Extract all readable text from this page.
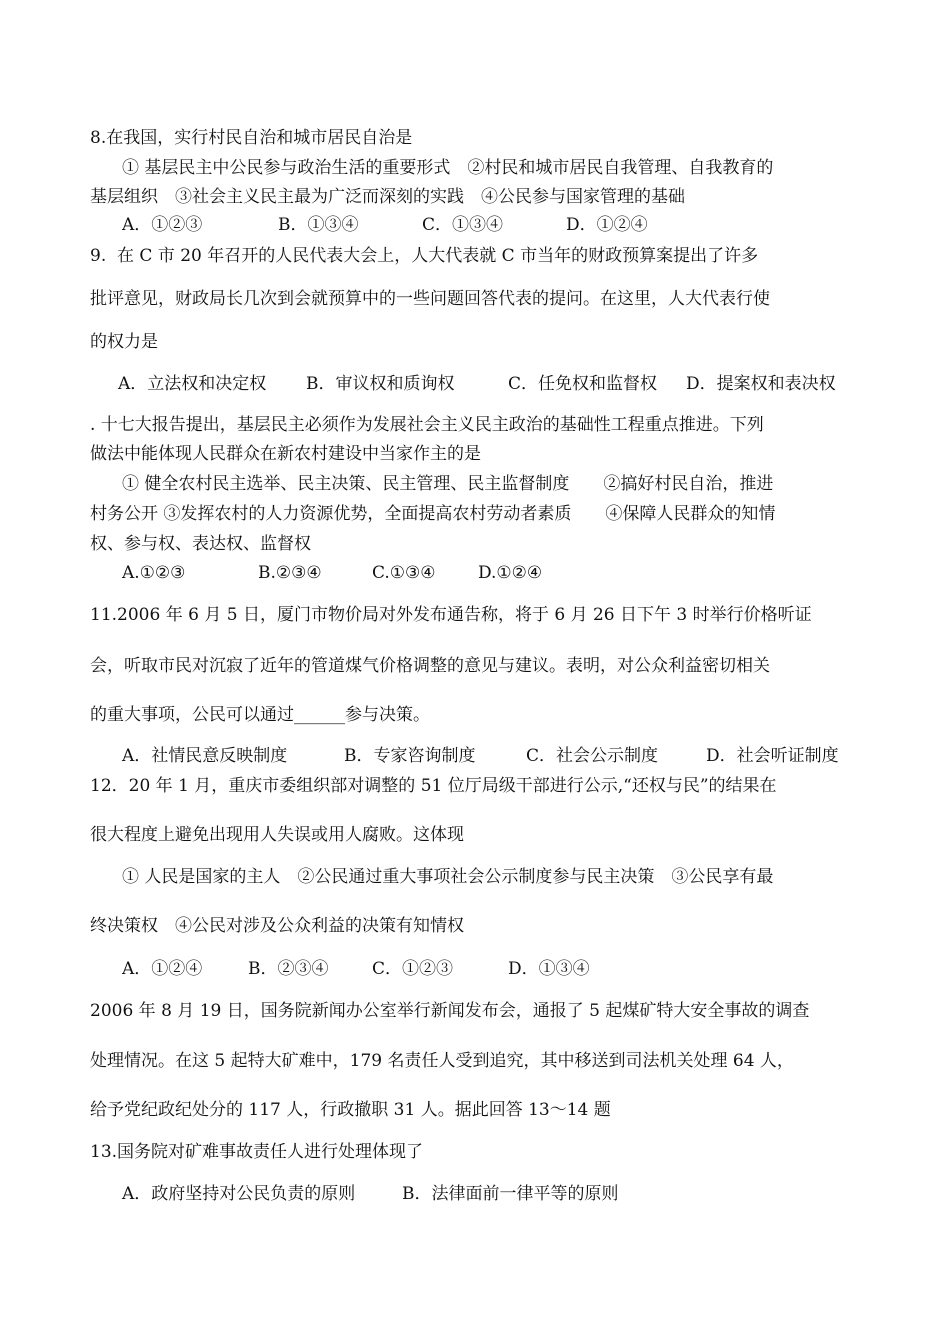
8.在我国，实行村民自治和城市居民自治是
① 基层民主中公民参与政治生活的重要形式　②村民和城市居民自我管理、自我教育的
基层组织　③社会主义民主最为广泛而深刻的实践　④公民参与国家管理的基础
A．①②③	B．①③④	C．①③④	D．①②④
9.  在 C 市 20 年召开的人民代表大会上，人大代表就 C 市当年的财政预算案提出了许多
批评意见，财政局长几次到会就预算中的一些问题回答代表的提问。在这里，人大代表行使
的权力是
A．立法权和决定权 B．审议权和质询权	C．任免权和监督权 D．提案权和表决权
. 十七大报告提出，基层民主必须作为发展社会主义民主政治的基础性工程重点推进。下列
做法中能体现人民群众在新农村建设中当家作主的是
① 健全农村民主选举、民主决策、民主管理、民主监督制度　　②搞好村民自治，推进
村务公开 ③发挥农村的人力资源优势，全面提高农村劳动者素质　　④保障人民群众的知情
权、参与权、表达权、监督权
A.①②③	B.②③④	C.①③④ D.①②④
11.2006 年 6 月 5 日，厦门市物价局对外发布通告称，将于 6 月 26 日下午 3 时举行价格听证
会，听取市民对沉寂了近年的管道煤气价格调整的意见与建议。表明，对公众利益密切相关
的重大事项，公民可以通过______参与决策。
A．社情民意反映制度	B．专家咨询制度	C．社会公示制度	D．社会听证制度
12．20 年 1 月，重庆市委组织部对调整的 51 位厅局级干部进行公示,“还权与民”的结果在
很大程度上避免出现用人失误或用人腐败。这体现
① 人民是国家的主人　②公民通过重大事项社会公示制度参与民主决策　③公民享有最
终决策权　④公民对涉及公众利益的决策有知情权
A．①②④	B．②③④	C．①②③	D．①③④
2006 年 8 月 19 日，国务院新闻办公室举行新闻发布会，通报了 5 起煤矿特大安全事故的调查
处理情况。在这 5 起特大矿难中，179 名责任人受到追究，其中移送到司法机关处理 64 人，
给予党纪政纪处分的 117 人，行政撤职 31 人。据此回答 13～14 题
13.国务院对矿难事故责任人进行处理体现了
A．政府坚持对公民负责的原则	B．法律面前一律平等的原则
